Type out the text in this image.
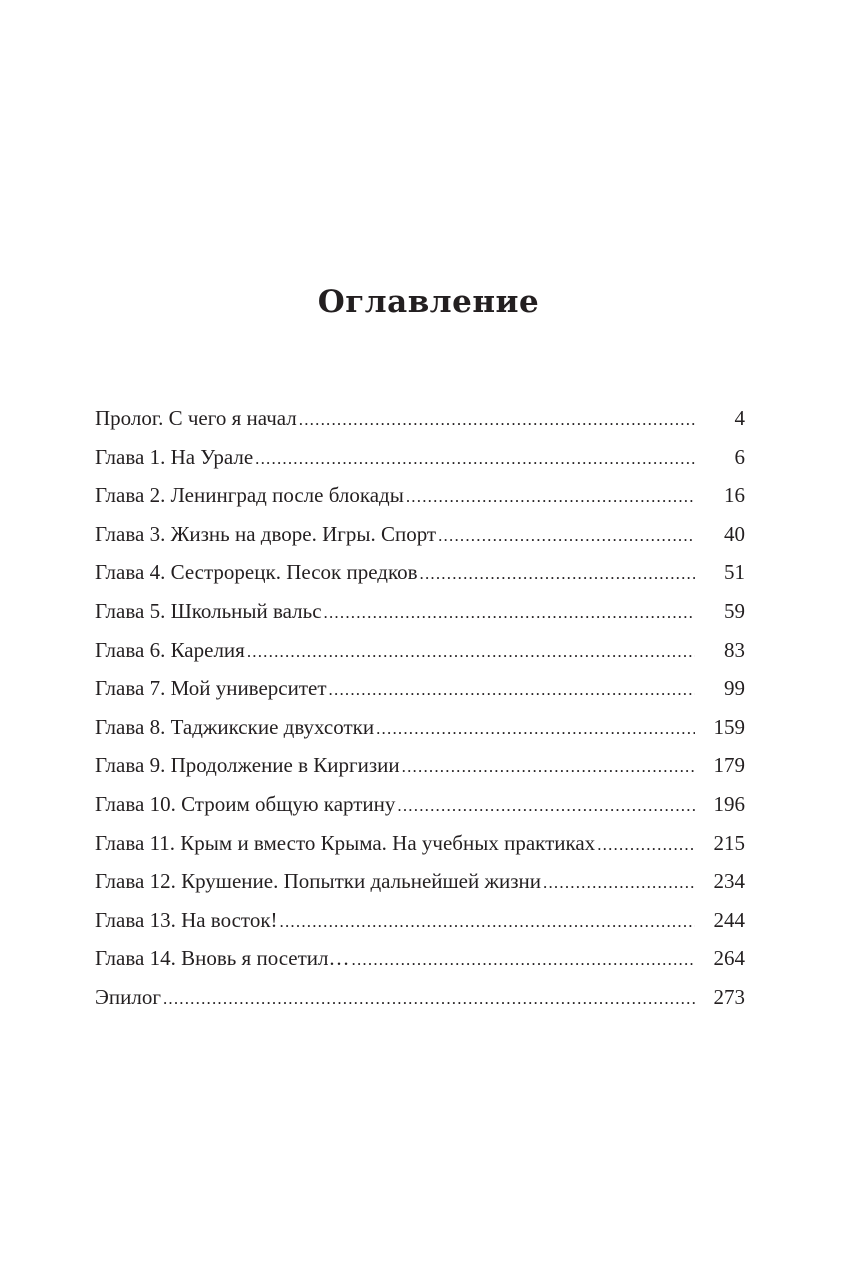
Оглавление
Пролог. С чего я начал .....	4
Глава 1. На Урале .....	6
Глава 2. Ленинград после блокады .....	16
Глава 3. Жизнь на дворе. Игры. Спорт .....	40
Глава 4. Сестрорецк. Песок предков .....	51
Глава 5. Школьный вальс .....	59
Глава 6. Карелия .....	83
Глава 7. Мой университет .....	99
Глава 8. Таджикские двухсотки .....	159
Глава 9. Продолжение в Киргизии .....	179
Глава 10. Строим общую картину .....	196
Глава 11. Крым и вместо Крыма. На учебных практиках .....	215
Глава 12. Крушение. Попытки дальнейшей жизни .....	234
Глава 13. На восток! .....	244
Глава 14. Вновь я посетил… .....	264
Эпилог .....	273
